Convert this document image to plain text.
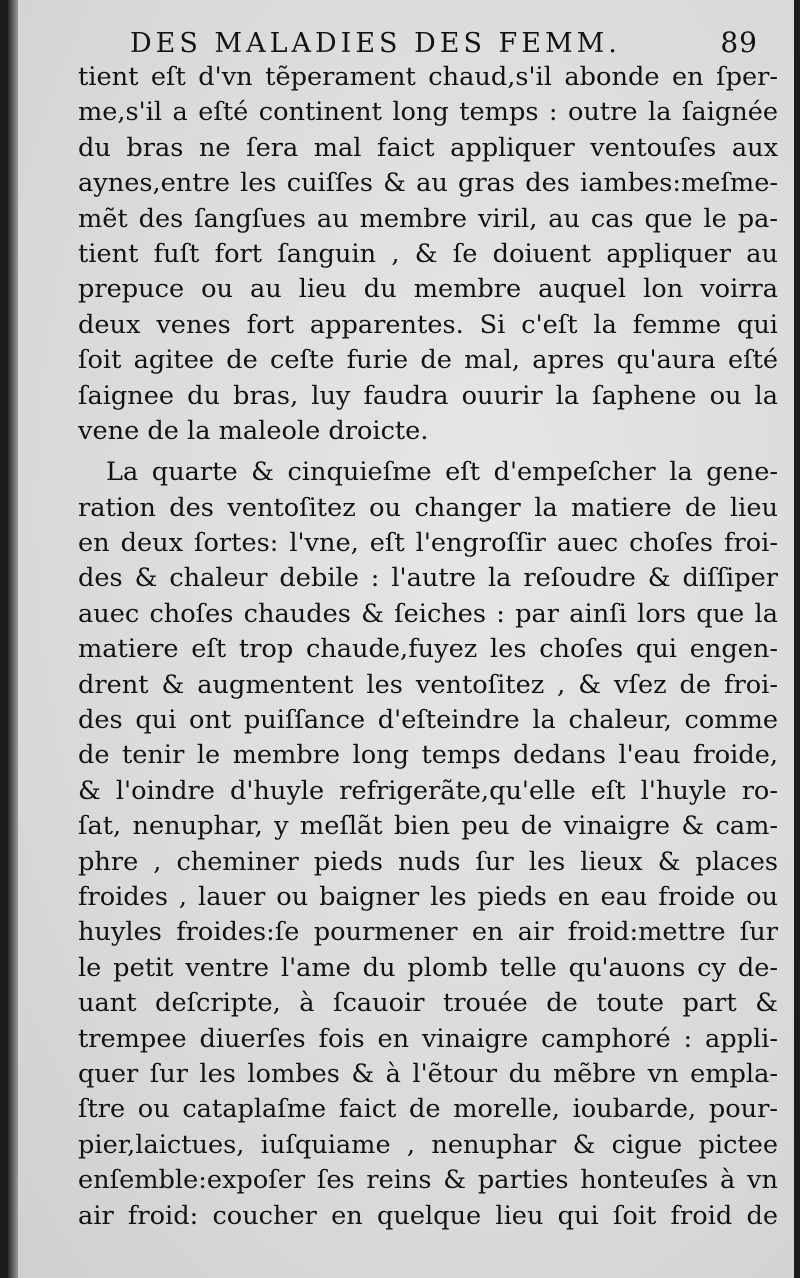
DES MALADIES DES FEMM.	89
tient eſt d'vn tẽperament chaud,s'il abonde en ſper-
me,s'il a eſté continent long temps : outre la ſaignée
du bras ne ſera mal faict appliquer ventouſes aux
aynes,entre les cuiſſes & au gras des iambes:meſme-
mẽt des ſangſues au membre viril, au cas que le pa-
tient fuſt fort ſanguin , & ſe doiuent appliquer au
prepuce ou au lieu du membre auquel lon voirra
deux venes fort apparentes. Si c'eſt la femme qui
ſoit agitee de ceſte furie de mal, apres qu'aura eſté
ſaignee du bras, luy faudra ouurir la ſaphene ou la
vene de la maleole droicte.
La quarte & cinquieſme eſt d'empeſcher la gene-
ration des ventoſitez ou changer la matiere de lieu
en deux ſortes: l'vne, eſt l'engroſſir auec choſes froi-
des & chaleur debile : l'autre la reſoudre & diſſiper
auec choſes chaudes & ſeiches : par ainſi lors que la
matiere eſt trop chaude,fuyez les choſes qui engen-
drent & augmentent les ventoſitez , & vſez de froi-
des qui ont puiſſance d'eſteindre la chaleur, comme
de tenir le membre long temps dedans l'eau froide,
& l'oindre d'huyle refrigerãte,qu'elle eſt l'huyle ro-
ſat, nenuphar, y meſlãt bien peu de vinaigre & cam-
phre , cheminer pieds nuds ſur les lieux & places
froides , lauer ou baigner les pieds en eau froide ou
huyles froides:ſe pourmener en air froid:mettre ſur
le petit ventre l'ame du plomb telle qu'auons cy de-
uant deſcripte, à ſcauoir trouée de toute part &
trempee diuerſes fois en vinaigre camphoré : appli-
quer ſur les lombes & à l'ẽtour du mẽbre vn empla-
ſtre ou cataplaſme faict de morelle, ioubarde, pour-
pier,laictues, iuſquiame , nenuphar & cigue pictee
enſemble:expoſer ſes reins & parties honteuſes à vn
air froid: coucher en quelque lieu qui ſoit froid de
